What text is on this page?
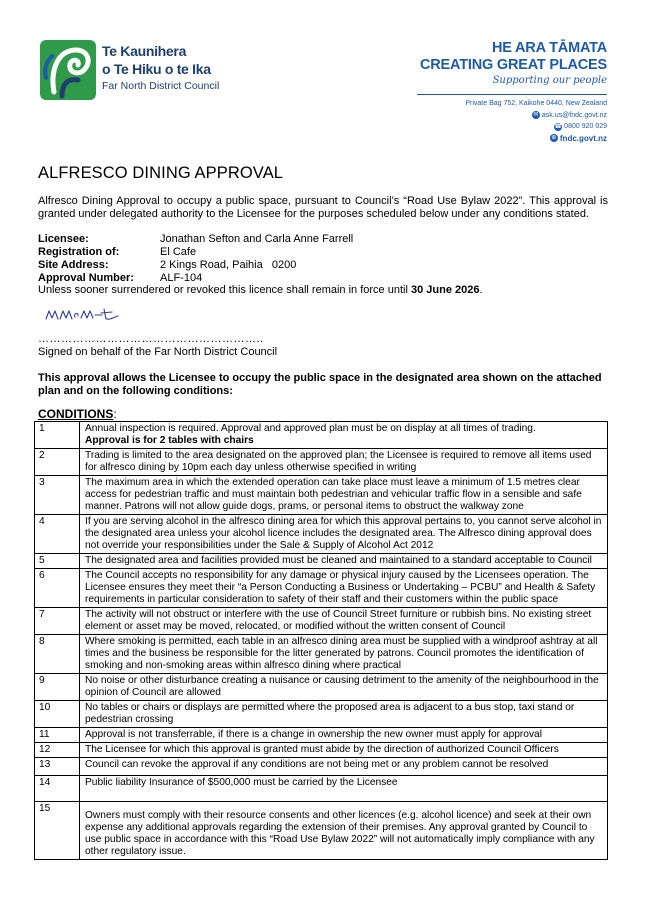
Te Kaunihera
o Te Hiku o te Ika
Far North District Council
HE ARA TĀMATA
CREATING GREAT PLACES
Supporting our people
Private Bag 752, Kaikohe 0440, New Zealand
✉ ask.us@fndc.govt.nz
☎ 0800 920 029
⊕ fndc.govt.nz
ALFRESCO DINING APPROVAL
Alfresco Dining Approval to occupy a public space, pursuant to Council’s “Road Use Bylaw 2022”. This approval is granted under delegated authority to the Licensee for the purposes scheduled below under any conditions stated.
Licensee:	Jonathan Sefton and Carla Anne Farrell
Registration of:	El Cafe
Site Address:	2 Kings Road, Paihia   0200
Approval Number:	ALF-104
Unless sooner surrendered or revoked this licence shall remain in force until 30 June 2026.
…………………………………………………..
Signed on behalf of the Far North District Council
This approval allows the Licensee to occupy the public space in the designated area shown on the attached plan and on the following conditions:
CONDITIONS:
1	Annual inspection is required. Approval and approved plan must be on display at all times of trading.
Approval is for 2 tables with chairs

2	Trading is limited to the area designated on the approved plan; the Licensee is required to remove all items used for alfresco dining by 10pm each day unless otherwise specified in writing

3	The maximum area in which the extended operation can take place must leave a minimum of 1.5 metres clear access for pedestrian traffic and must maintain both pedestrian and vehicular traffic flow in a sensible and safe manner. Patrons will not allow guide dogs, prams, or personal items to obstruct the walkway zone

4	If you are serving alcohol in the alfresco dining area for which this approval pertains to, you cannot serve alcohol in the designated area unless your alcohol licence includes the designated area. The Alfresco dining approval does not override your responsibilities under the Sale & Supply of Alcohol Act 2012

5	The designated area and facilities provided must be cleaned and maintained to a standard acceptable to Council

6	The Council accepts no responsibility for any damage or physical injury caused by the Licensees operation. The Licensee ensures they meet their “a Person Conducting a Business or Undertaking – PCBU” and Health & Safety requirements in particular consideration to safety of their staff and their customers within the public space

7	The activity will not obstruct or interfere with the use of Council Street furniture or rubbish bins. No existing street element or asset may be moved, relocated, or modified without the written consent of Council

8	Where smoking is permitted, each table in an alfresco dining area must be supplied with a windproof ashtray at all times and the business be responsible for the litter generated by patrons. Council promotes the identification of smoking and non-smoking areas within alfresco dining where practical

9	No noise or other disturbance creating a nuisance or causing detriment to the amenity of the neighbourhood in the opinion of Council are allowed

10	No tables or chairs or displays are permitted where the proposed area is adjacent to a bus stop, taxi stand or pedestrian crossing

11	Approval is not transferrable, if there is a change in ownership the new owner must apply for approval

12	The Licensee for which this approval is granted must abide by the direction of authorized Council Officers

13	Council can revoke the approval if any conditions are not being met or any problem cannot be resolved

14	Public liability Insurance of $500,000 must be carried by the Licensee

15	Owners must comply with their resource consents and other licences (e.g. alcohol licence) and seek at their own expense any additional approvals regarding the extension of their premises. Any approval granted by Council to use public space in accordance with this “Road Use Bylaw 2022” will not automatically imply compliance with any other regulatory issue.
